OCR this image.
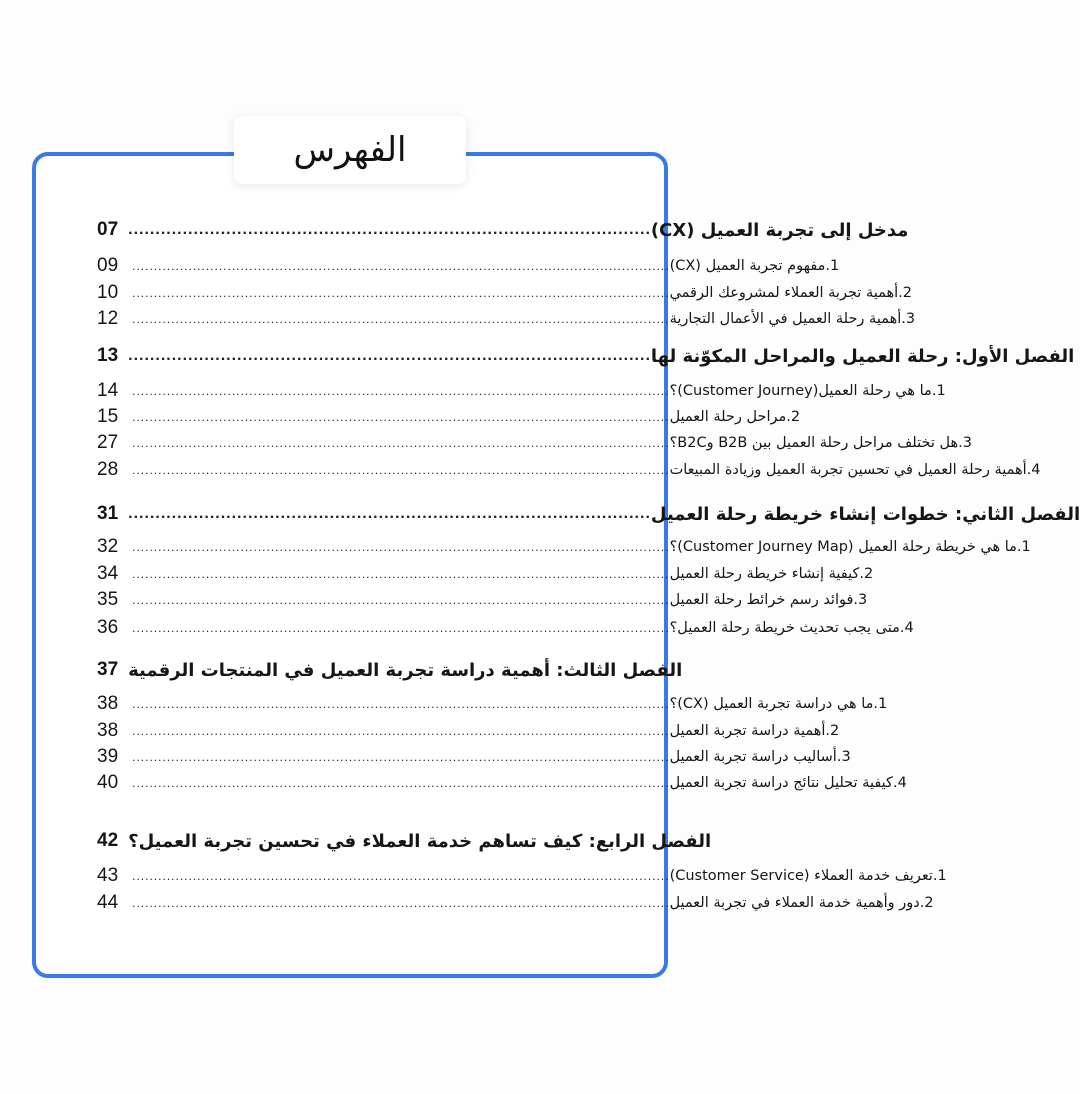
الفهرس
07 ................................................................................................ مدخل إلى تجربة العميل (CX)
09 ............................................................................................................................ 1.مفهوم تجربة العميل (CX)
10 ............................................................................................................................ 2.أهمية تجربة العملاء لمشروعك الرقمي
12 ............................................................................................................................ 3.أهمية رحلة العميل في الأعمال التجارية
13 ................................................................................................ الفصل الأول: رحلة العميل والمراحل المكوّنة لها
14 ............................................................................................................................ 1.ما هي رحلة العميل(Customer Journey)؟
15 ............................................................................................................................ 2.مراحل رحلة العميل
27 ............................................................................................................................ 3.هل تختلف مراحل رحلة العميل بين B2B وB2C؟
28 ............................................................................................................................ 4.أهمية رحلة العميل في تحسين تجربة العميل وزيادة المبيعات
31 ................................................................................................ الفصل الثاني: خطوات إنشاء خريطة رحلة العميل
32 ............................................................................................................................ 1.ما هي خريطة رحلة العميل (Customer Journey Map)؟
34 ............................................................................................................................ 2.كيفية إنشاء خريطة رحلة العميل
35 ............................................................................................................................ 3.فوائد رسم خرائط رحلة العميل
36 ............................................................................................................................ 4.متى يجب تحديث خريطة رحلة العميل؟
37 الفصل الثالث: أهمية دراسة تجربة العميل في المنتجات الرقمية
38 ............................................................................................................................ 1.ما هي دراسة تجربة العميل (CX)؟
38 ............................................................................................................................ 2.أهمية دراسة تجربة العميل
39 ............................................................................................................................ 3.أساليب دراسة تجربة العميل
40 ............................................................................................................................ 4.كيفية تحليل نتائج دراسة تجربة العميل
42 الفصل الرابع: كيف تساهم خدمة العملاء في تحسين تجربة العميل؟
43 ............................................................................................................................ 1.تعريف خدمة العملاء (Customer Service)
44 ............................................................................................................................ 2.دور وأهمية خدمة العملاء في تجربة العميل
